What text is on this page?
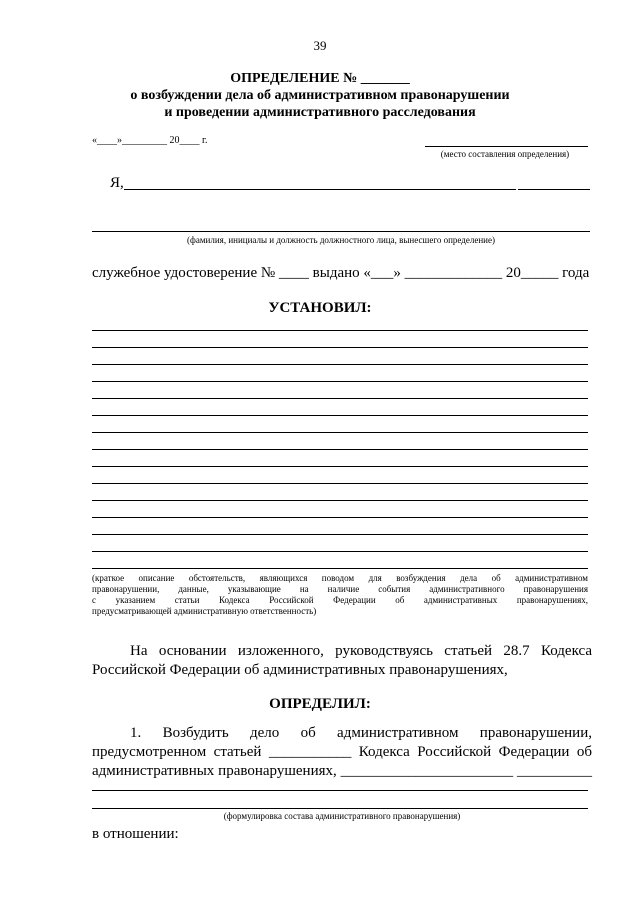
39
ОПРЕДЕЛЕНИЕ № _______
о возбуждении дела об административном правонарушении
и проведении административного расследования
«____»_________ 20____ г.
(место составления определения)
Я,
(фамилия, инициалы и должность должностного лица, вынесшего определение)
служебное удостоверение № ____ выдано «___» _____________ 20_____ года
УСТАНОВИЛ:
(краткое описание обстоятельств, являющихся поводом для возбуждения дела об административном
правонарушении, данные, указывающие на наличие события административного правонарушения
с указанием статьи Кодекса Российской Федерации об административных правонарушениях,
предусматривающей административную ответственность)
На основании изложенного, руководствуясь статьей 28.7 Кодекса
Российской Федерации об административных правонарушениях,
ОПРЕДЕЛИЛ:
1. Возбудить дело об административном правонарушении,
предусмотренном статьей ___________ Кодекса Российской Федерации об
административных правонарушениях, _______________________ __________
(формулировка состава административного правонарушения)
в отношении:
